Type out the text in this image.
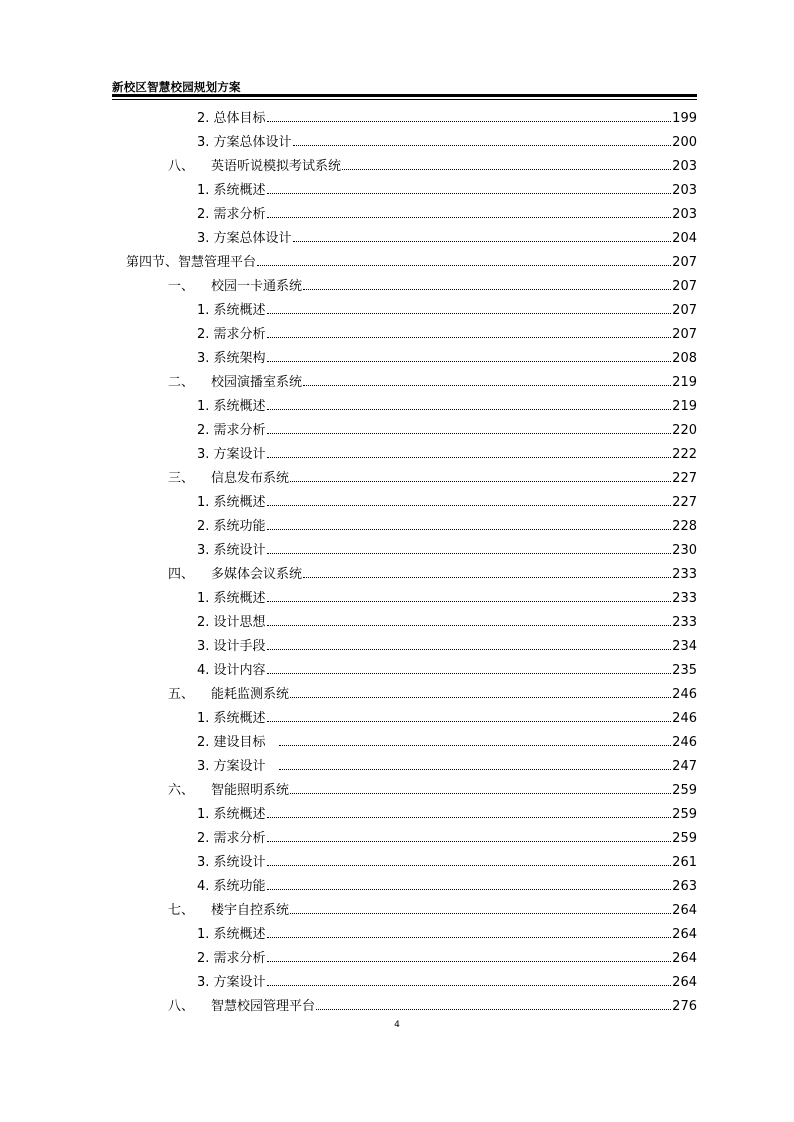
新校区智慧校园规划方案
2. 总体目标	199
3. 方案总体设计	200
八、	英语听说模拟考试系统	203
1. 系统概述	203
2. 需求分析	203
3. 方案总体设计	204
第四节、智慧管理平台	207
一、	校园一卡通系统	207
1. 系统概述	207
2. 需求分析	207
3. 系统架构	208
二、	校园演播室系统	219
1. 系统概述	219
2. 需求分析	220
3. 方案设计	222
三、	信息发布系统	227
1. 系统概述	227
2. 系统功能	228
3. 系统设计	230
四、	多媒体会议系统	233
1. 系统概述	233
2. 设计思想	233
3. 设计手段	234
4. 设计内容	235
五、	能耗监测系统	246
1. 系统概述	246
2. 建设目标	246
3. 方案设计	247
六、	智能照明系统	259
1. 系统概述	259
2. 需求分析	259
3. 系统设计	261
4. 系统功能	263
七、	楼宇自控系统	264
1. 系统概述	264
2. 需求分析	264
3. 方案设计	264
八、	智慧校园管理平台	276
4
